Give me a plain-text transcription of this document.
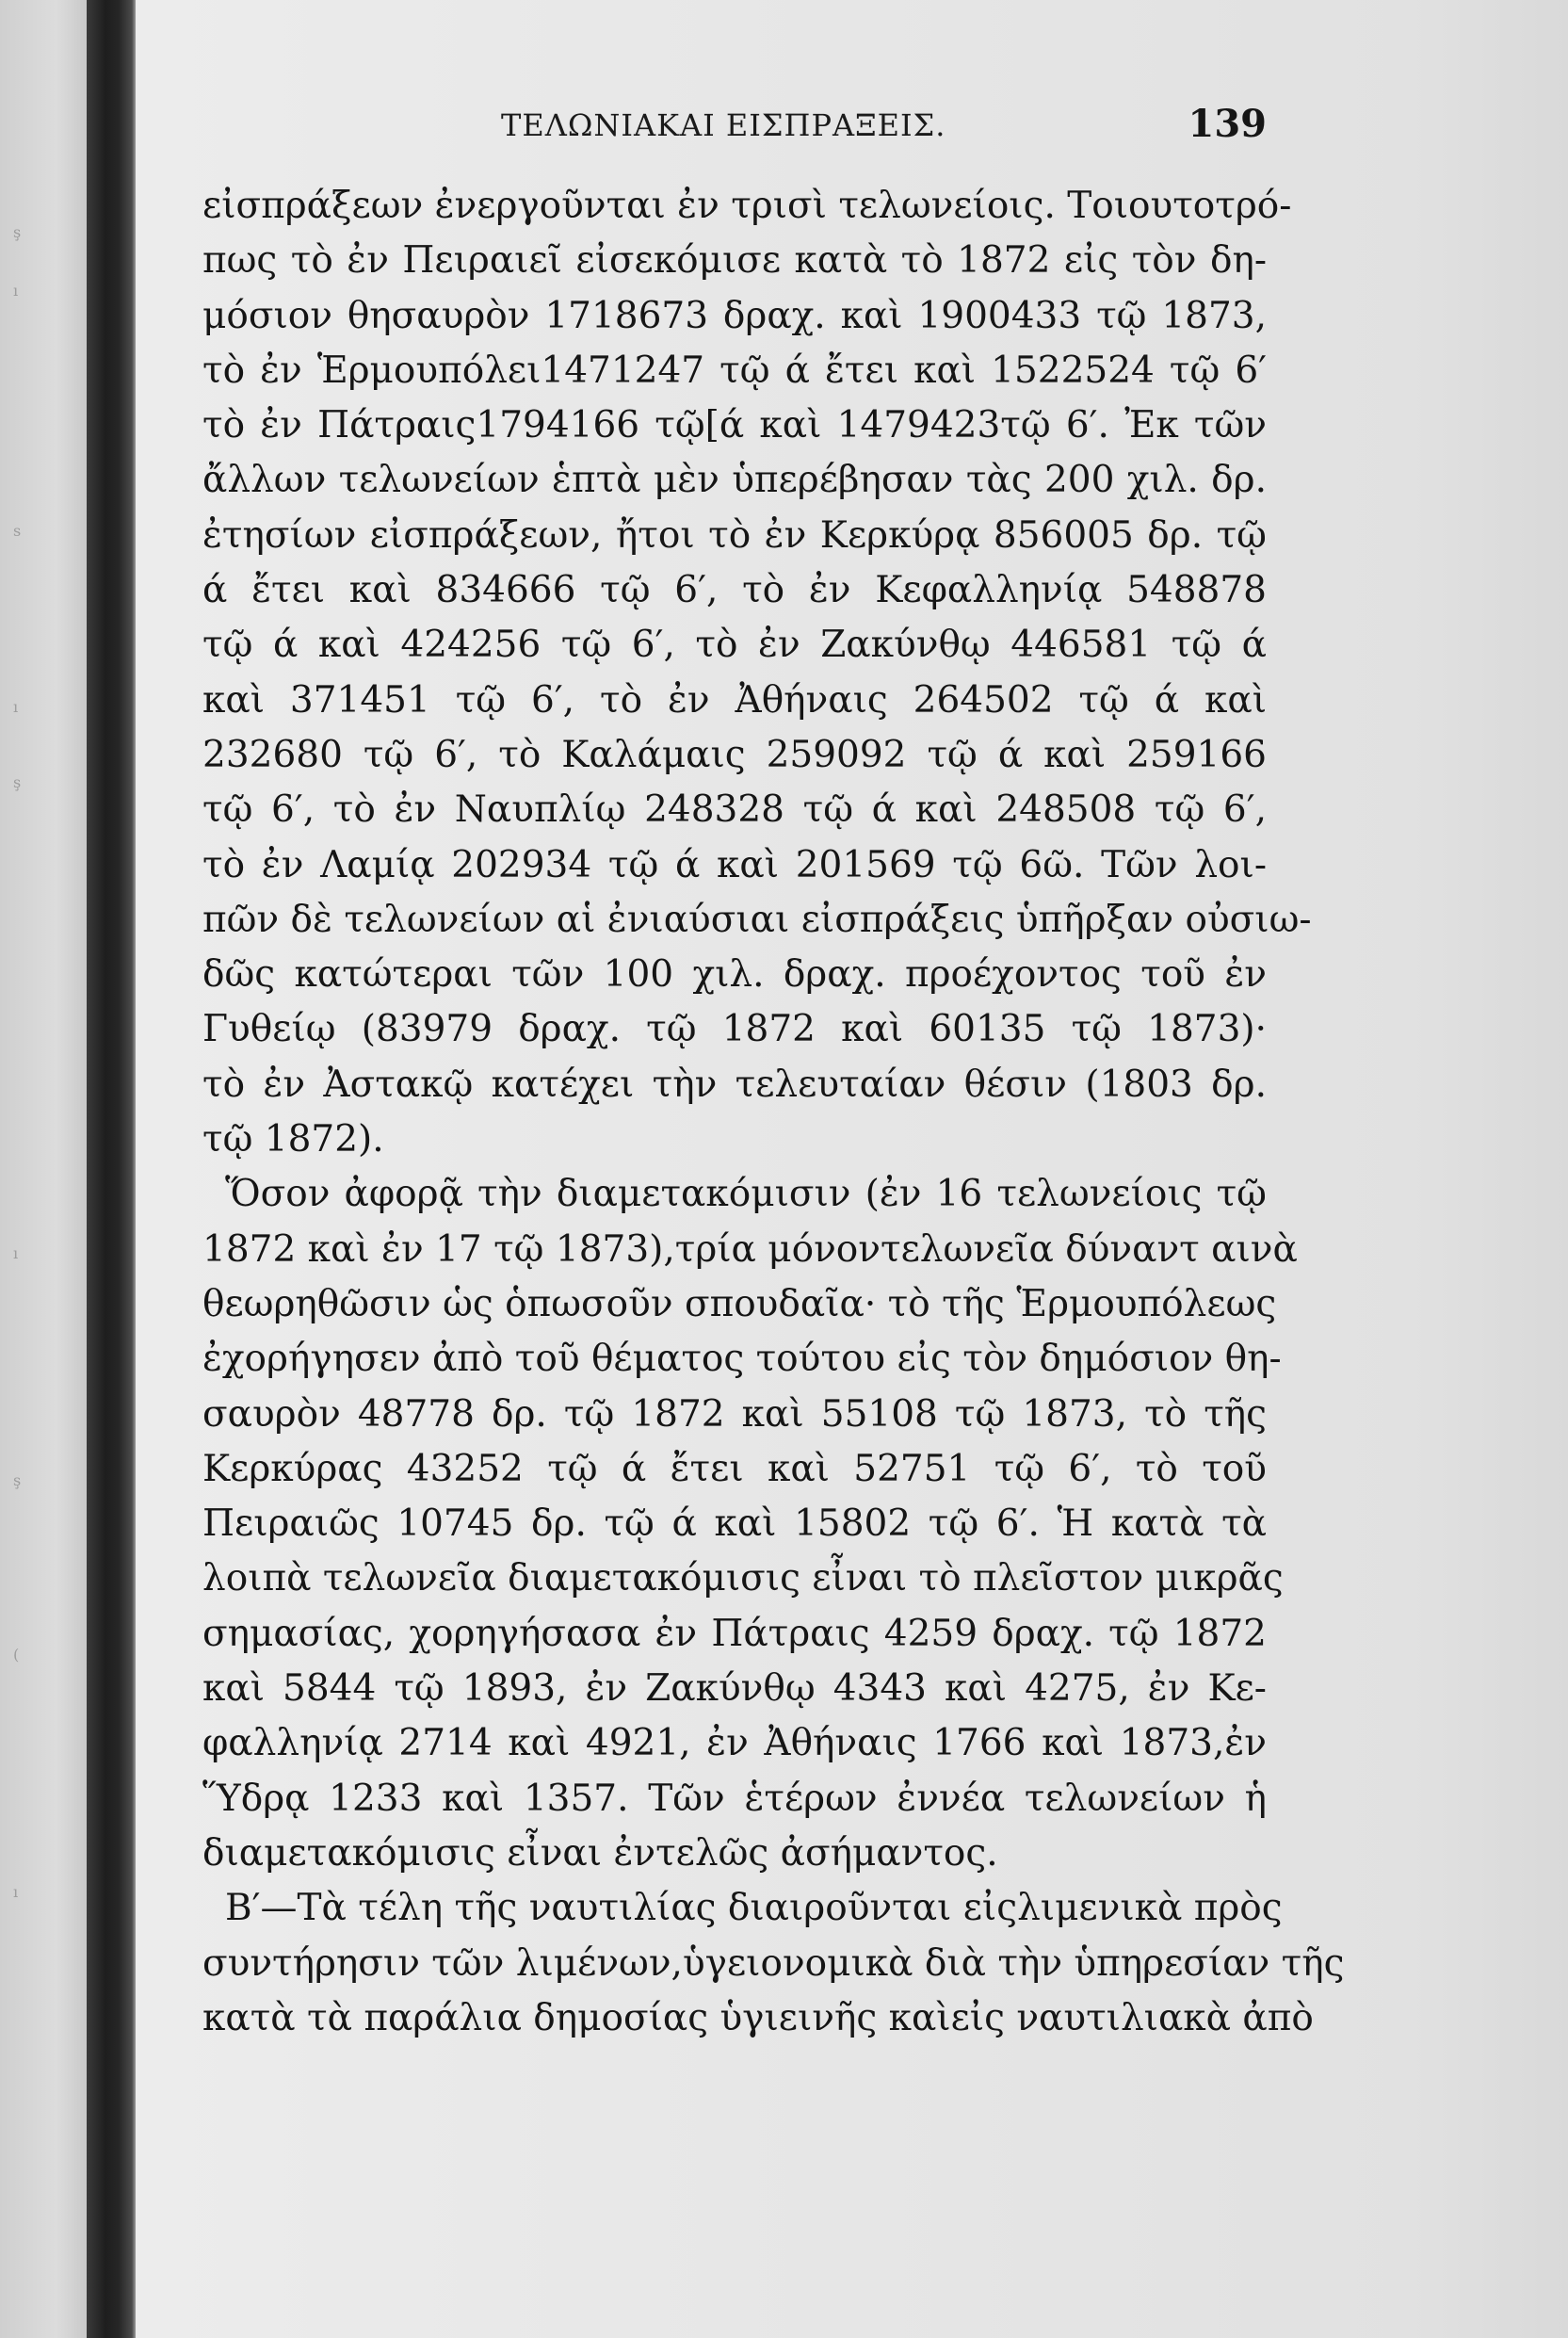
ş
ı
s
ı
ş
ı
ş
(
ı
ΤΕΛΩΝΙΑΚΑΙ ΕΙΣΠΡΑΞΕΙΣ.	139
εἰσπράξεων ἐνεργοῦνται ἐν τρισὶ τελωνείοις. Τοιουτοτρό-
πως τὸ ἐν Πειραιεῖ εἰσεκόμισε κατὰ τὸ 1872 εἰς τὸν δη-
μόσιον θησαυρὸν 1718673 δραχ. καὶ 1900433 τῷ 1873,
τὸ ἐν Ἑρμουπόλει1471247 τῷ ά ἔτει καὶ 1522524 τῷ 6′
τὸ ἐν Πάτραις1794166 τῷ[ά καὶ 1479423τῷ 6′. Ἐκ τῶν
ἄλλων τελωνείων ἑπτὰ μὲν ὑπερέβησαν τὰς 200 χιλ. δρ.
ἐτησίων εἰσπράξεων, ἤτοι τὸ ἐν Κερκύρᾳ 856005 δρ. τῷ
ά ἔτει καὶ 834666 τῷ 6′, τὸ ἐν Κεφαλληνίᾳ 548878
τῷ ά καὶ 424256 τῷ 6′, τὸ ἐν Ζακύνθῳ 446581 τῷ ά
καὶ 371451 τῷ 6′, τὸ ἐν Ἀθήναις 264502 τῷ ά καὶ
232680 τῷ 6′, τὸ Καλάμαις 259092 τῷ ά καὶ 259166
τῷ 6′, τὸ ἐν Ναυπλίῳ 248328 τῷ ά καὶ 248508 τῷ 6′,
τὸ ἐν Λαμίᾳ 202934 τῷ ά καὶ 201569 τῷ 6ῶ. Τῶν λοι-
πῶν δὲ τελωνείων αἱ ἐνιαύσιαι εἰσπράξεις ὑπῆρξαν οὐσιω-
δῶς κατώτεραι τῶν 100 χιλ. δραχ. προέχοντος τοῦ ἐν
Γυθείῳ (83979 δραχ. τῷ 1872 καὶ 60135 τῷ 1873)·
τὸ ἐν Ἀστακῷ κατέχει τὴν τελευταίαν θέσιν (1803 δρ.
τῷ 1872).
Ὅσον ἀφορᾷ τὴν διαμετακόμισιν (ἐν 16 τελωνείοις τῷ
1872 καὶ ἐν 17 τῷ 1873),τρία μόνοντελωνεῖα δύναντ αινὰ
θεωρηθῶσιν ὡς ὁπωσοῦν σπουδαῖα· τὸ τῆς Ἑρμουπόλεως
ἐχορήγησεν ἀπὸ τοῦ θέματος τούτου εἰς τὸν δημόσιον θη-
σαυρὸν 48778 δρ. τῷ 1872 καὶ 55108 τῷ 1873, τὸ τῆς
Κερκύρας 43252 τῷ ά ἔτει καὶ 52751 τῷ 6′, τὸ τοῦ
Πειραιῶς 10745 δρ. τῷ ά καὶ 15802 τῷ 6′. Ἡ κατὰ τὰ
λοιπὰ τελωνεῖα διαμετακόμισις εἶναι τὸ πλεῖστον μικρᾶς
σημασίας, χορηγήσασα ἐν Πάτραις 4259 δραχ. τῷ 1872
καὶ 5844 τῷ 1893, ἐν Ζακύνθῳ 4343 καὶ 4275, ἐν Κε-
φαλληνίᾳ 2714 καὶ 4921, ἐν Ἀθήναις 1766 καὶ 1873,ἐν
Ὕδρᾳ 1233 καὶ 1357. Τῶν ἑτέρων ἐννέα τελωνείων ἡ
διαμετακόμισις εἶναι ἐντελῶς ἀσήμαντος.
Β′—Τὰ τέλη τῆς ναυτιλίας διαιροῦνται εἰςλιμενικὰ πρὸς
συντήρησιν τῶν λιμένων,ὑγειονομικὰ διὰ τὴν ὑπηρεσίαν τῆς
κατὰ τὰ παράλια δημοσίας ὑγιεινῆς καὶεἰς ναυτιλιακὰ ἀπὸ
